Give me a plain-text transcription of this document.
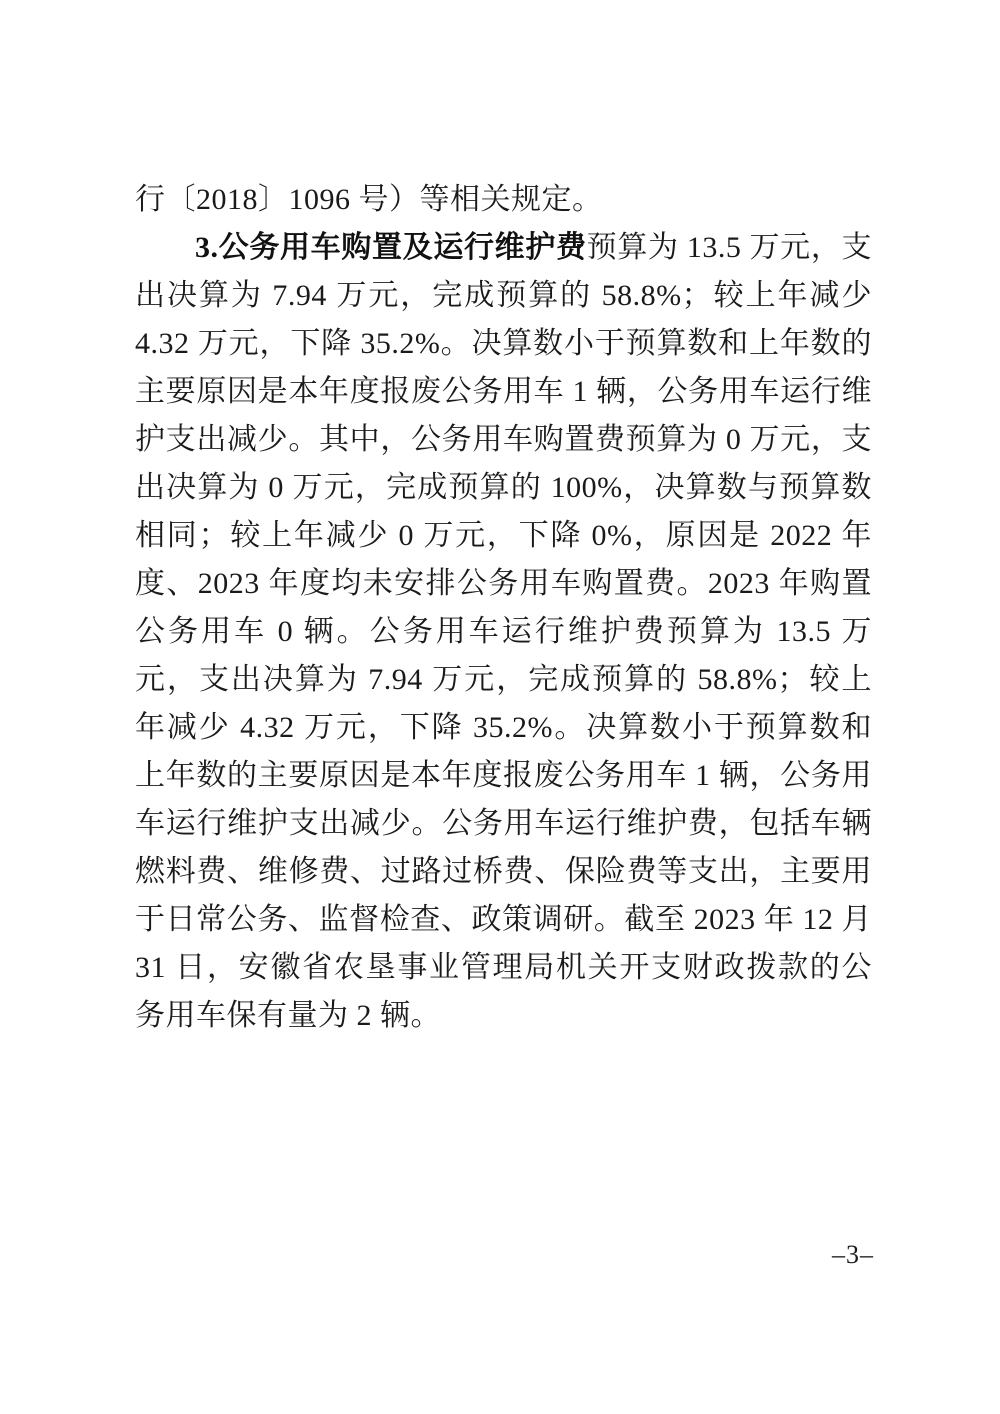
行〔2018〕1096 号）等相关规定。

3.公务用车购置及运行维护费预算为 13.5 万元，支出决算为 7.94 万元，完成预算的 58.8%；较上年减少 4.32 万元，下降 35.2%。决算数小于预算数和上年数的主要原因是本年度报废公务用车 1 辆，公务用车运行维护支出减少。其中，公务用车购置费预算为 0 万元，支出决算为 0 万元，完成预算的 100%，决算数与预算数相同；较上年减少 0 万元，下降 0%，原因是 2022 年度、2023 年度均未安排公务用车购置费。2023 年购置公务用车 0 辆。公务用车运行维护费预算为 13.5 万元，支出决算为 7.94 万元，完成预算的 58.8%；较上年减少 4.32 万元，下降 35.2%。决算数小于预算数和上年数的主要原因是本年度报废公务用车 1 辆，公务用车运行维护支出减少。公务用车运行维护费，包括车辆燃料费、维修费、过路过桥费、保险费等支出，主要用于日常公务、监督检查、政策调研。截至 2023 年 12 月 31 日，安徽省农垦事业管理局机关开支财政拨款的公务用车保有量为 2 辆。

–3–
